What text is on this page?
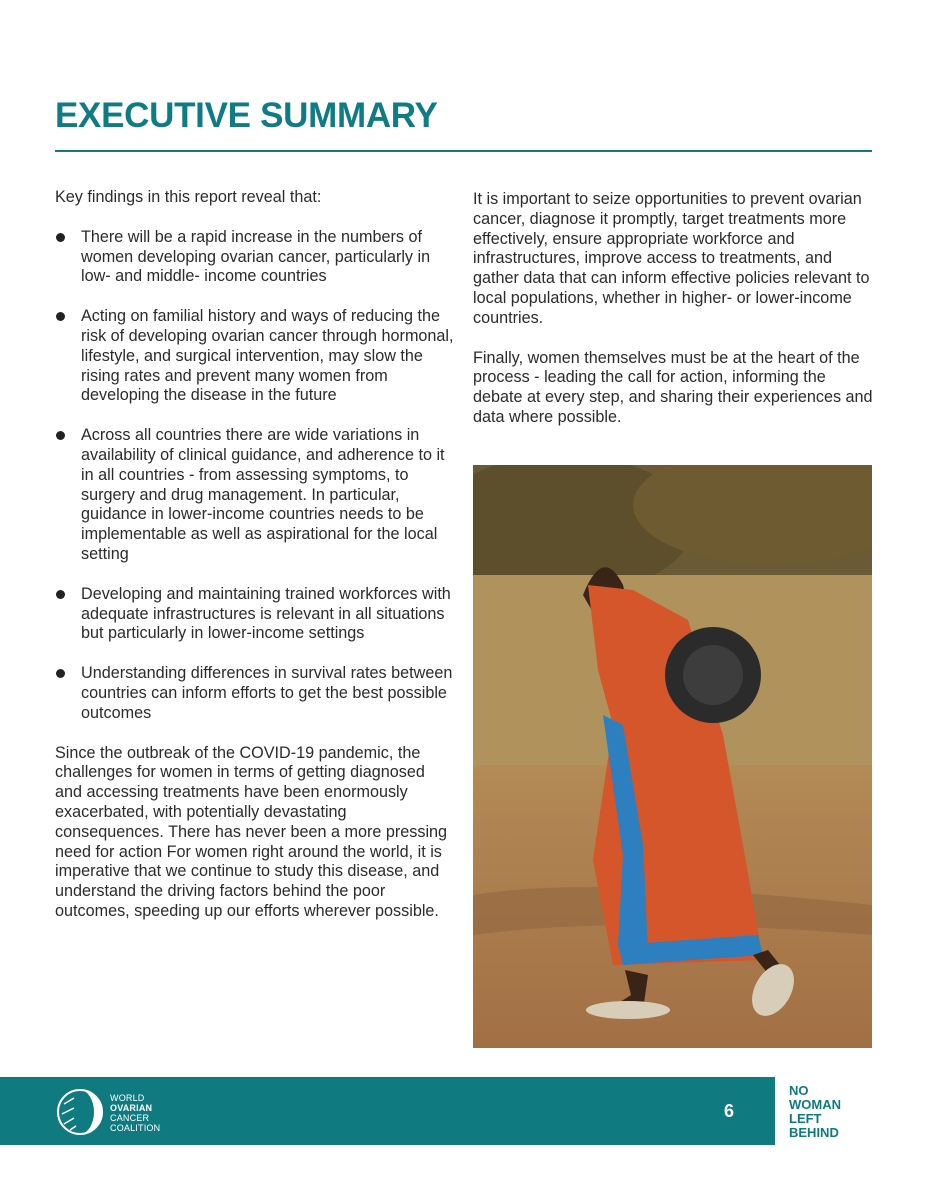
EXECUTIVE SUMMARY

Key findings in this report reveal that:

There will be a rapid increase in the numbers of women developing ovarian cancer, particularly in low- and middle- income countries
Acting on familial history and ways of reducing the risk of developing ovarian cancer through hormonal, lifestyle, and surgical intervention, may slow the rising rates and prevent many women from developing the disease in the future
Across all countries there are wide variations in availability of clinical guidance, and adherence to it in all countries - from assessing symptoms, to surgery and drug management. In particular, guidance in lower-income countries needs to be implementable as well as aspirational for the local setting
Developing and maintaining trained workforces with adequate infrastructures is relevant in all situations but particularly in lower-income settings
Understanding differences in survival rates between countries can inform efforts to get the best possible outcomes

Since the outbreak of the COVID-19 pandemic, the challenges for women in terms of getting diagnosed and accessing treatments have been enormously exacerbated, with potentially devastating consequences. There has never been a more pressing need for action For women right around the world, it is imperative that we continue to study this disease, and understand the driving factors behind the poor outcomes, speeding up our efforts wherever possible.

It is important to seize opportunities to prevent ovarian cancer, diagnose it promptly, target treatments more effectively, ensure appropriate workforce and infrastructures, improve access to treatments, and gather data that can inform effective policies relevant to local populations, whether in higher- or lower-income countries.

Finally, women themselves must be at the heart of the process - leading the call for action, informing the debate at every step, and sharing their experiences and data where possible.

WORLD
OVARIAN
CANCER
COALITION
6
NO
WOMAN
LEFT
BEHIND
